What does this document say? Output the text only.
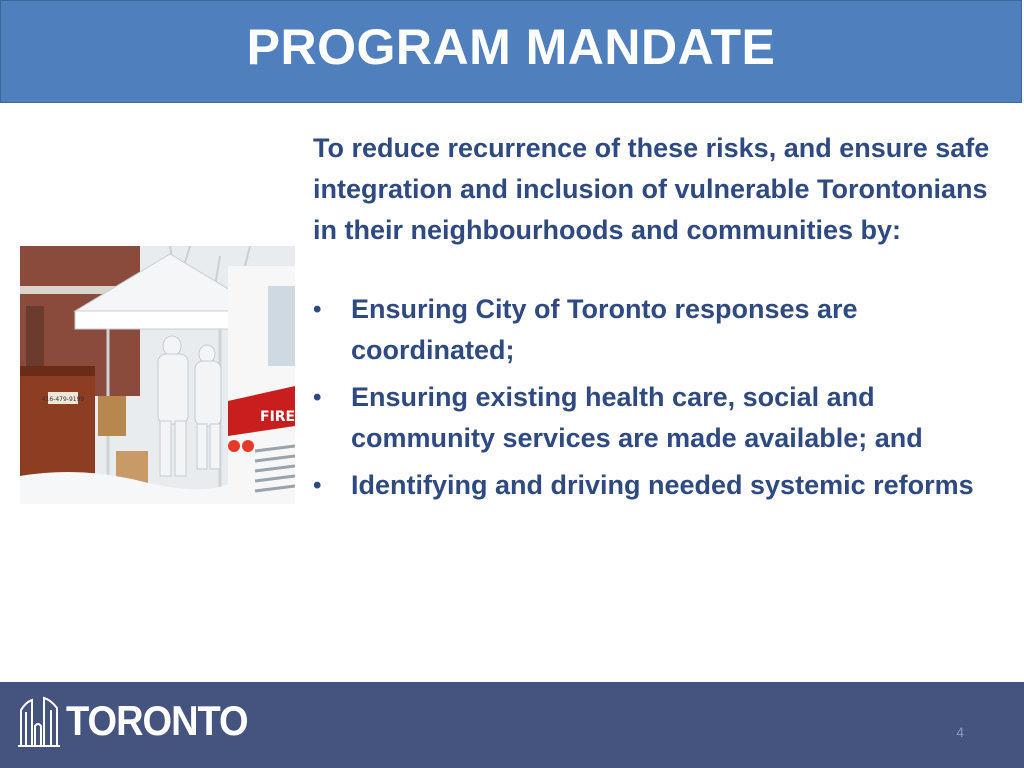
PROGRAM MANDATE
416-479-9199
FIRE

To reduce recurrence of these risks, and ensure safe integration and inclusion of vulnerable Torontonians in their neighbourhoods and communities by:

• Ensuring City of Toronto responses are coordinated;
• Ensuring existing health care, social and community services are made available; and
• Identifying and driving needed systemic reforms
TORONTO	4
